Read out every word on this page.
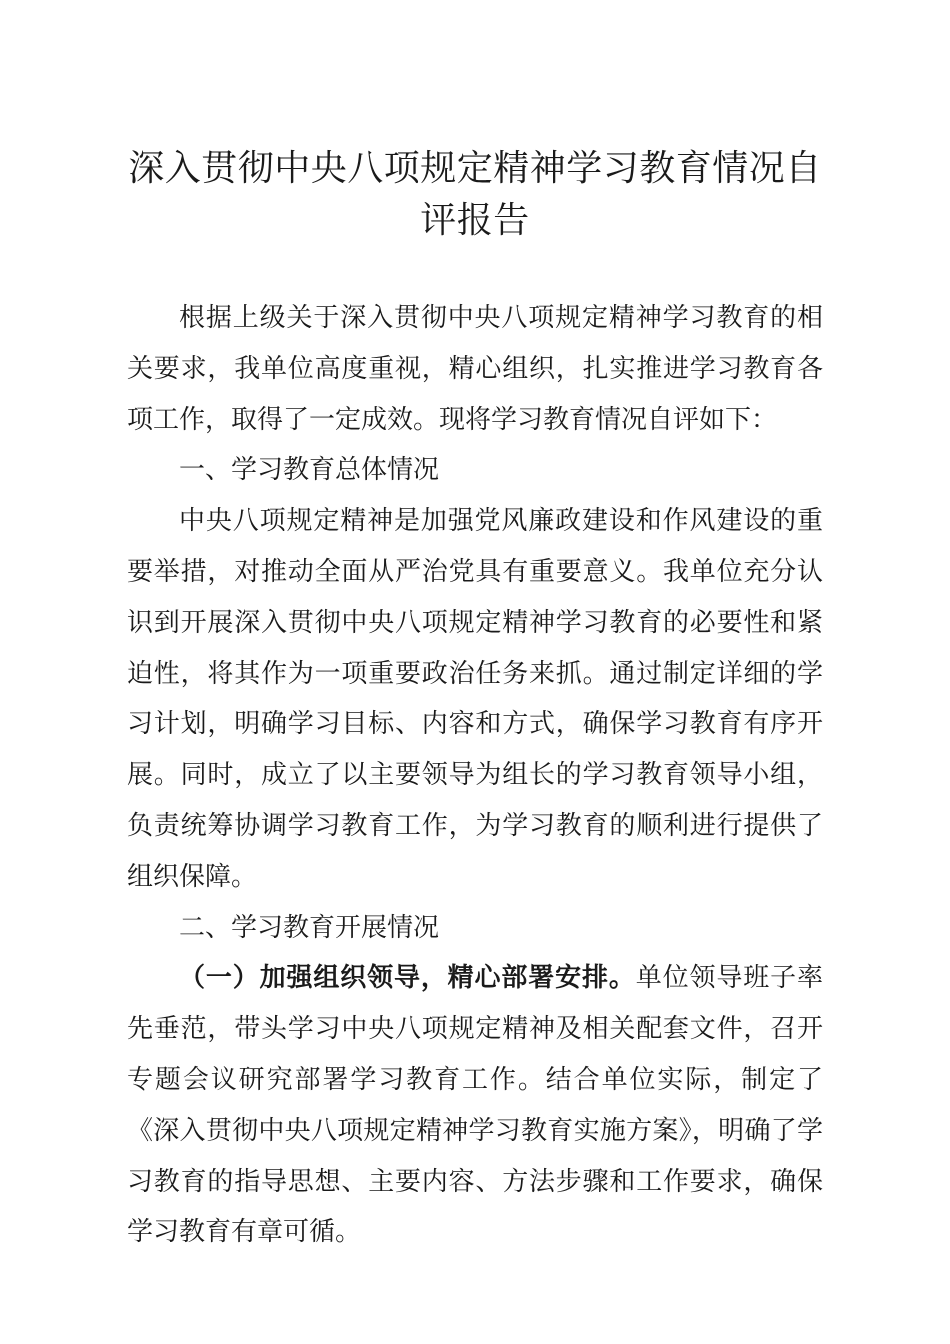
深入贯彻中央八项规定精神学习教育情况自评报告

根据上级关于深入贯彻中央八项规定精神学习教育的相关要求，我单位高度重视，精心组织，扎实推进学习教育各项工作，取得了一定成效。现将学习教育情况自评如下：

一、学习教育总体情况

中央八项规定精神是加强党风廉政建设和作风建设的重要举措，对推动全面从严治党具有重要意义。我单位充分认识到开展深入贯彻中央八项规定精神学习教育的必要性和紧迫性，将其作为一项重要政治任务来抓。通过制定详细的学习计划，明确学习目标、内容和方式，确保学习教育有序开展。同时，成立了以主要领导为组长的学习教育领导小组，负责统筹协调学习教育工作，为学习教育的顺利进行提供了组织保障。

二、学习教育开展情况

（一）加强组织领导，精心部署安排。单位领导班子率先垂范，带头学习中央八项规定精神及相关配套文件，召开专题会议研究部署学习教育工作。结合单位实际，制定了《深入贯彻中央八项规定精神学习教育实施方案》，明确了学习教育的指导思想、主要内容、方法步骤和工作要求，确保学习教育有章可循。
